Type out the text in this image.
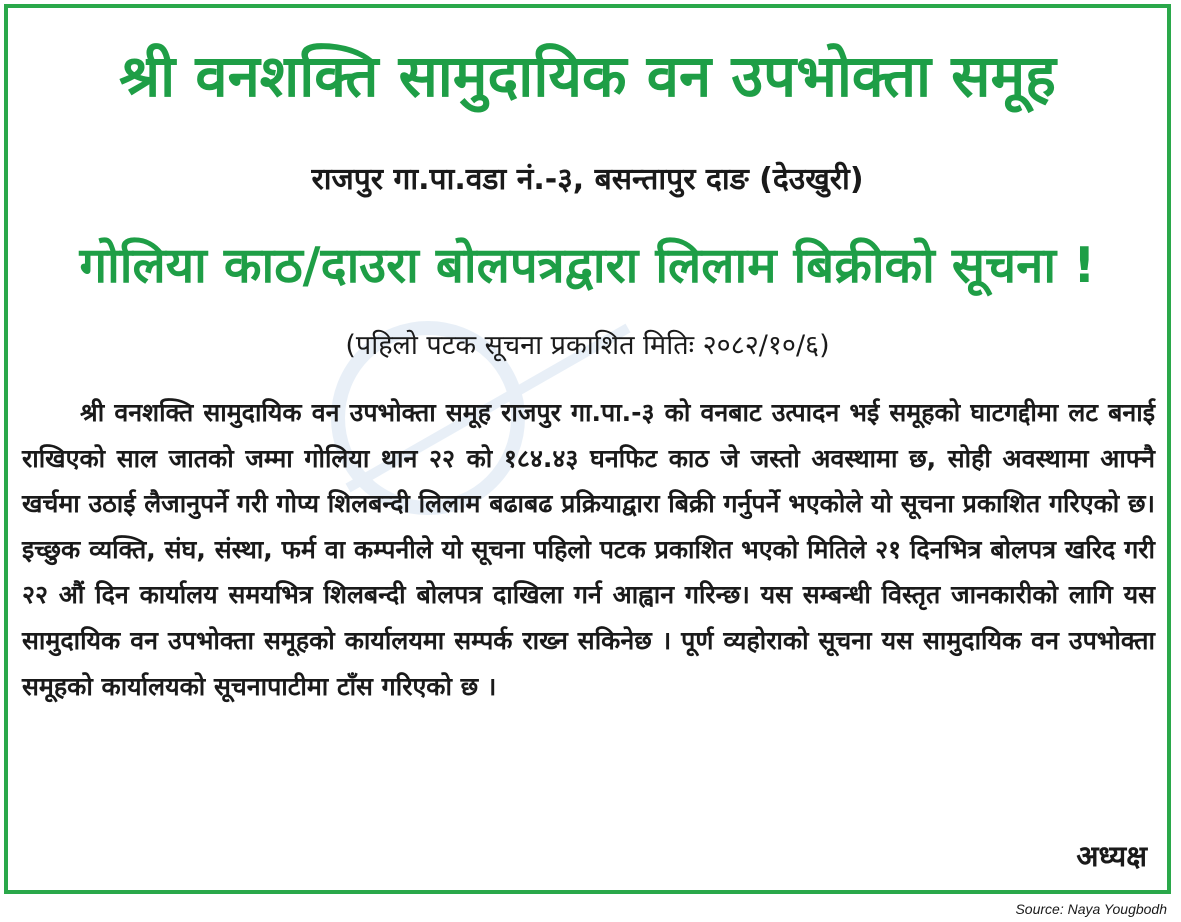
श्री वनशक्ति सामुदायिक वन उपभोक्ता समूह
राजपुर गा.पा.वडा नं.-३, बसन्तापुर दाङ (देउखुरी)
गोलिया काठ/दाउरा बोलपत्रद्वारा लिलाम बिक्रीको सूचना !
(पहिलो पटक सूचना प्रकाशित मितिः २०८२/१०/६)

श्री वनशक्ति सामुदायिक वन उपभोक्ता समूह राजपुर गा.पा.-३ को वनबाट उत्पादन भई समूहको घाटगद्दीमा लट बनाई राखिएको साल जातको जम्मा गोलिया थान २२ को १८४.४३ घनफिट काठ जे जस्तो अवस्थामा छ, सोही अवस्थामा आफ्नै खर्चमा उठाई लैजानुपर्ने गरी गोप्य शिलबन्दी लिलाम बढाबढ प्रक्रियाद्वारा बिक्री गर्नुपर्ने भएकोले यो सूचना प्रकाशित गरिएको छ। इच्छुक व्यक्ति, संघ, संस्था, फर्म वा कम्पनीले यो सूचना पहिलो पटक प्रकाशित भएको मितिले २१ दिनभित्र बोलपत्र खरिद गरी २२ औं दिन कार्यालय समयभित्र शिलबन्दी बोलपत्र दाखिला गर्न आह्वान गरिन्छ। यस सम्बन्धी विस्तृत जानकारीको लागि यस सामुदायिक वन उपभोक्ता समूहको कार्यालयमा सम्पर्क राख्न सकिनेछ । पूर्ण व्यहोराको सूचना यस सामुदायिक वन उपभोक्ता समूहको कार्यालयको सूचनापाटीमा टाँस गरिएको छ ।

अध्यक्ष
Source: Naya Yougbodh
